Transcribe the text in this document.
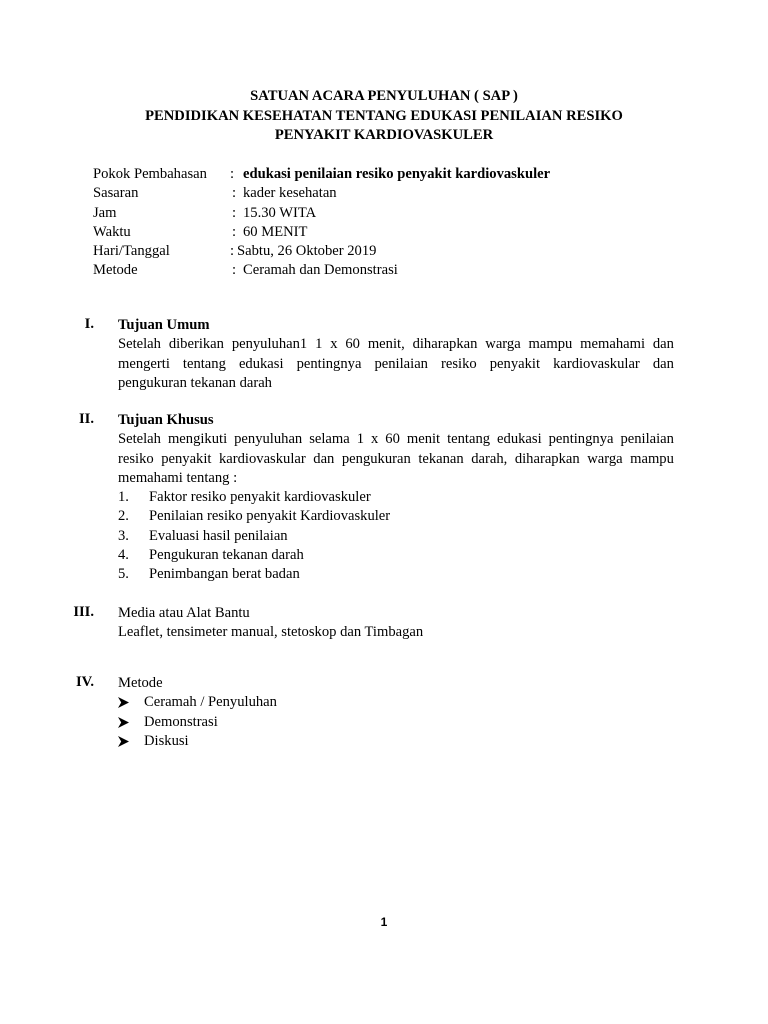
SATUAN ACARA PENYULUHAN ( SAP )
PENDIDIKAN KESEHATAN TENTANG EDUKASI PENILAIAN RESIKO
PENYAKIT KARDIOVASKULER
Pokok Pembahasan : edukasi penilaian resiko penyakit kardiovaskuler
Sasaran	: kader kesehatan
Jam	: 15.30 WITA
Waktu	: 60 MENIT
Hari/Tanggal	: Sabtu, 26 Oktober 2019
Metode	: Ceramah dan Demonstrasi
I. Tujuan Umum
Setelah diberikan penyuluhan1 1 x 60 menit, diharapkan warga mampu memahami dan
mengerti tentang edukasi pentingnya penilaian resiko penyakit kardiovaskular dan
pengukuran tekanan darah
II. Tujuan Khusus
Setelah mengikuti penyuluhan selama 1 x 60 menit tentang edukasi pentingnya penilaian
resiko penyakit kardiovaskular dan pengukuran tekanan darah, diharapkan warga mampu
memahami tentang :
1. Faktor resiko penyakit kardiovaskuler
2. Penilaian resiko penyakit Kardiovaskuler
3. Evaluasi hasil penilaian
4. Pengukuran tekanan darah
5. Penimbangan berat badan
III. Media atau Alat Bantu
Leaflet, tensimeter manual, stetoskop dan Timbagan
IV. Metode
Ceramah / Penyuluhan
Demonstrasi
Diskusi
1
